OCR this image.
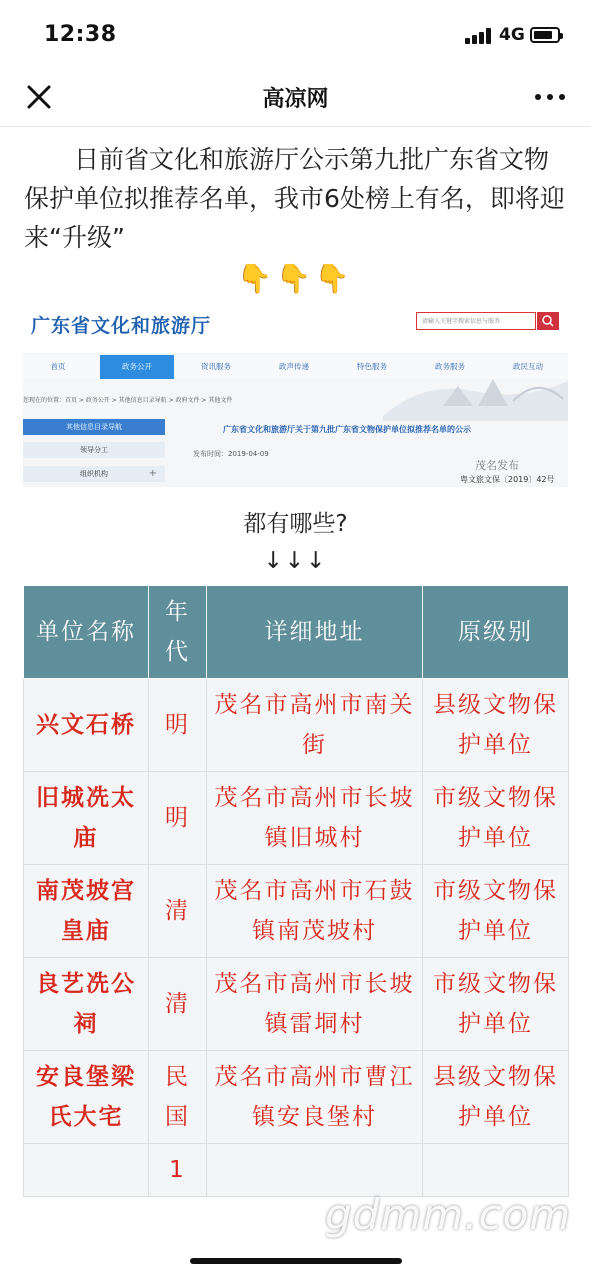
12:38	4G
高凉网

日前省文化和旅游厅公示第九批广东省文物保护单位拟推荐名单，我市6处榜上有名，即将迎来“升级”

👇👇👇
广东省文化和旅游厅	请输入关键字搜索信息与服务
首页	政务公开	资讯服务	政声传递	特色服务	政务服务	政民互动
您现在的位置：首页 > 政务公开 > 其他信息目录导航 > 政府文件 > 其他文件
其他信息目录导航
领导分工
组织机构	+
广东省文化和旅游厅关于第九批广东省文物保护单位拟推荐名单的公示
发布时间：2019-04-09
茂名发布
粤文旅文保〔2019〕42号
都有哪些?
↓↓↓
单位名称	年代	详细地址	原级别
兴文石桥	明	茂名市高州市南关街	县级文物保护单位
旧城冼太庙	明	茂名市高州市长坡镇旧城村	市级文物保护单位
南茂坡宫皇庙	清	茂名市高州市石鼓镇南茂坡村	市级文物保护单位
良艺冼公祠	清	茂名市高州市长坡镇雷垌村	市级文物保护单位
安良堡梁氏大宅	民国	茂名市高州市曹江镇安良堡村	县级文物保护单位
	1		
gdmm.com
